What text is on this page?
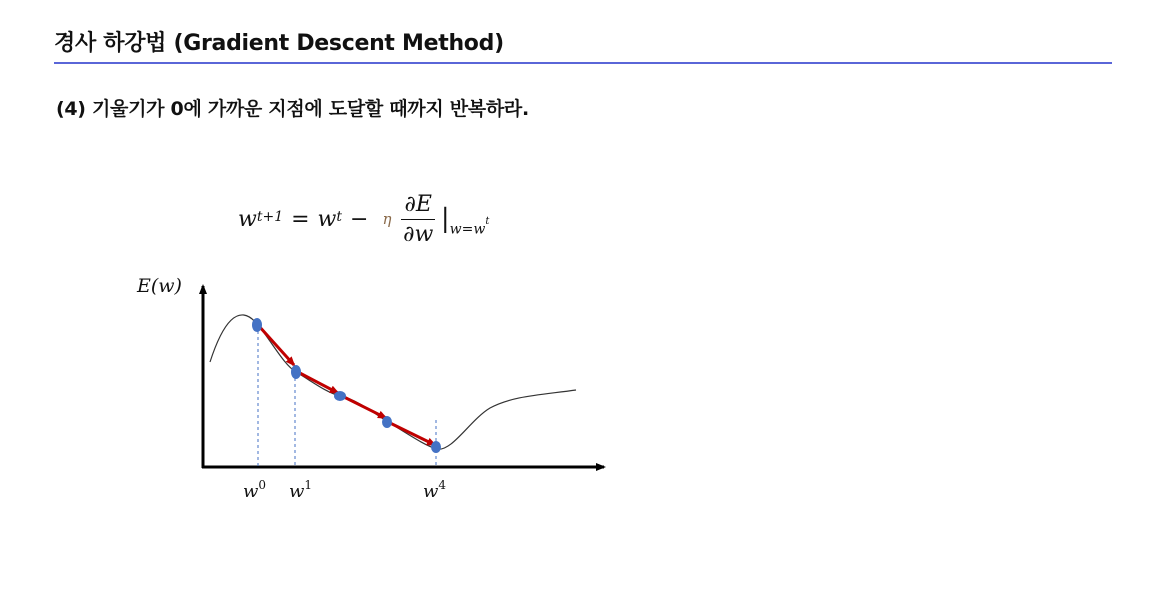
경사 하강법 (Gradient Descent Method)
(4) 기울기가 0에 가까운 지점에 도달할 때까지 반복하라.
$w^{t+1} = w^t - \eta \frac{\partial E}{\partial w}$ | $w=w^t$
E(w)
$w^0$ $w^1$	$w^4$
